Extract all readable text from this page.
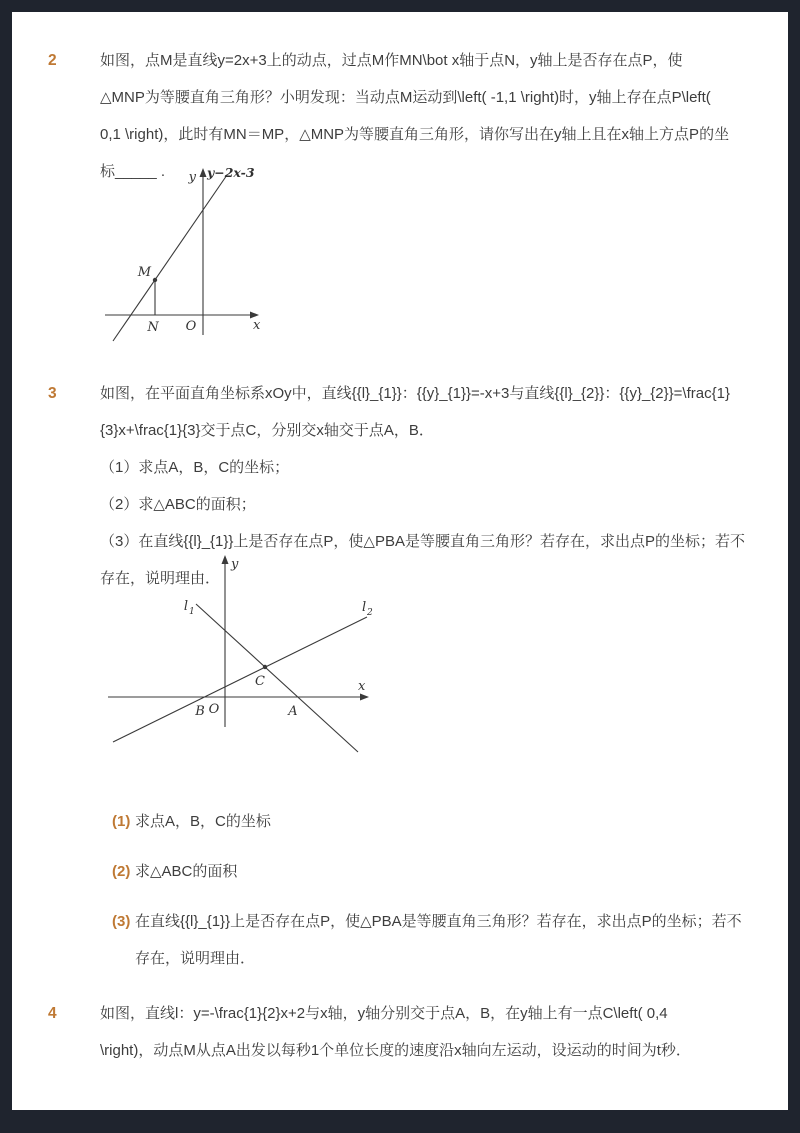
2	如图，点M是直线y=2x+3上的动点，过点M作MN\bot x轴于点N，y轴上是否存在点P，使

△MNP为等腰直角三角形？小明发现：当动点M运动到\left( -1,1 \right)时，y轴上存在点P\left(

0,1 \right)，此时有MN＝MP，△MNP为等腰直角三角形，请你写出在y轴上且在x轴上方点P的坐

标_____ .	y y−2x-3
x
O
M
N
3	如图，在平面直角坐标系xOy中，直线{{l}_{1}}：{{y}_{1}}=-x+3与直线{{l}_{2}}：{{y}_{2}}=\frac{1}

{3}x+\frac{1}{3}交于点C，分别交x轴交于点A，B．

（1）求点A，B，C的坐标；

（2）求△ABC的面积；

（3）在直线{{l}_{1}}上是否存在点P，使△PBA是等腰直角三角形？若存在，求出点P的坐标；若不

存在，说明理由．

y
x
l 1	l 2
C
B O	A
(1) 求点A，B，C的坐标

(2) 求△ABC的面积

(3) 在直线{{l}_{1}}上是否存在点P，使△PBA是等腰直角三角形？若存在，求出点P的坐标；若不

存在，说明理由．

4	如图，直线l：y=-\frac{1}{2}x+2与x轴，y轴分别交于点A，B，在y轴上有一点C\left( 0,4

\right)，动点M从点A出发以每秒1个单位长度的速度沿x轴向左运动，设运动的时间为t秒．
